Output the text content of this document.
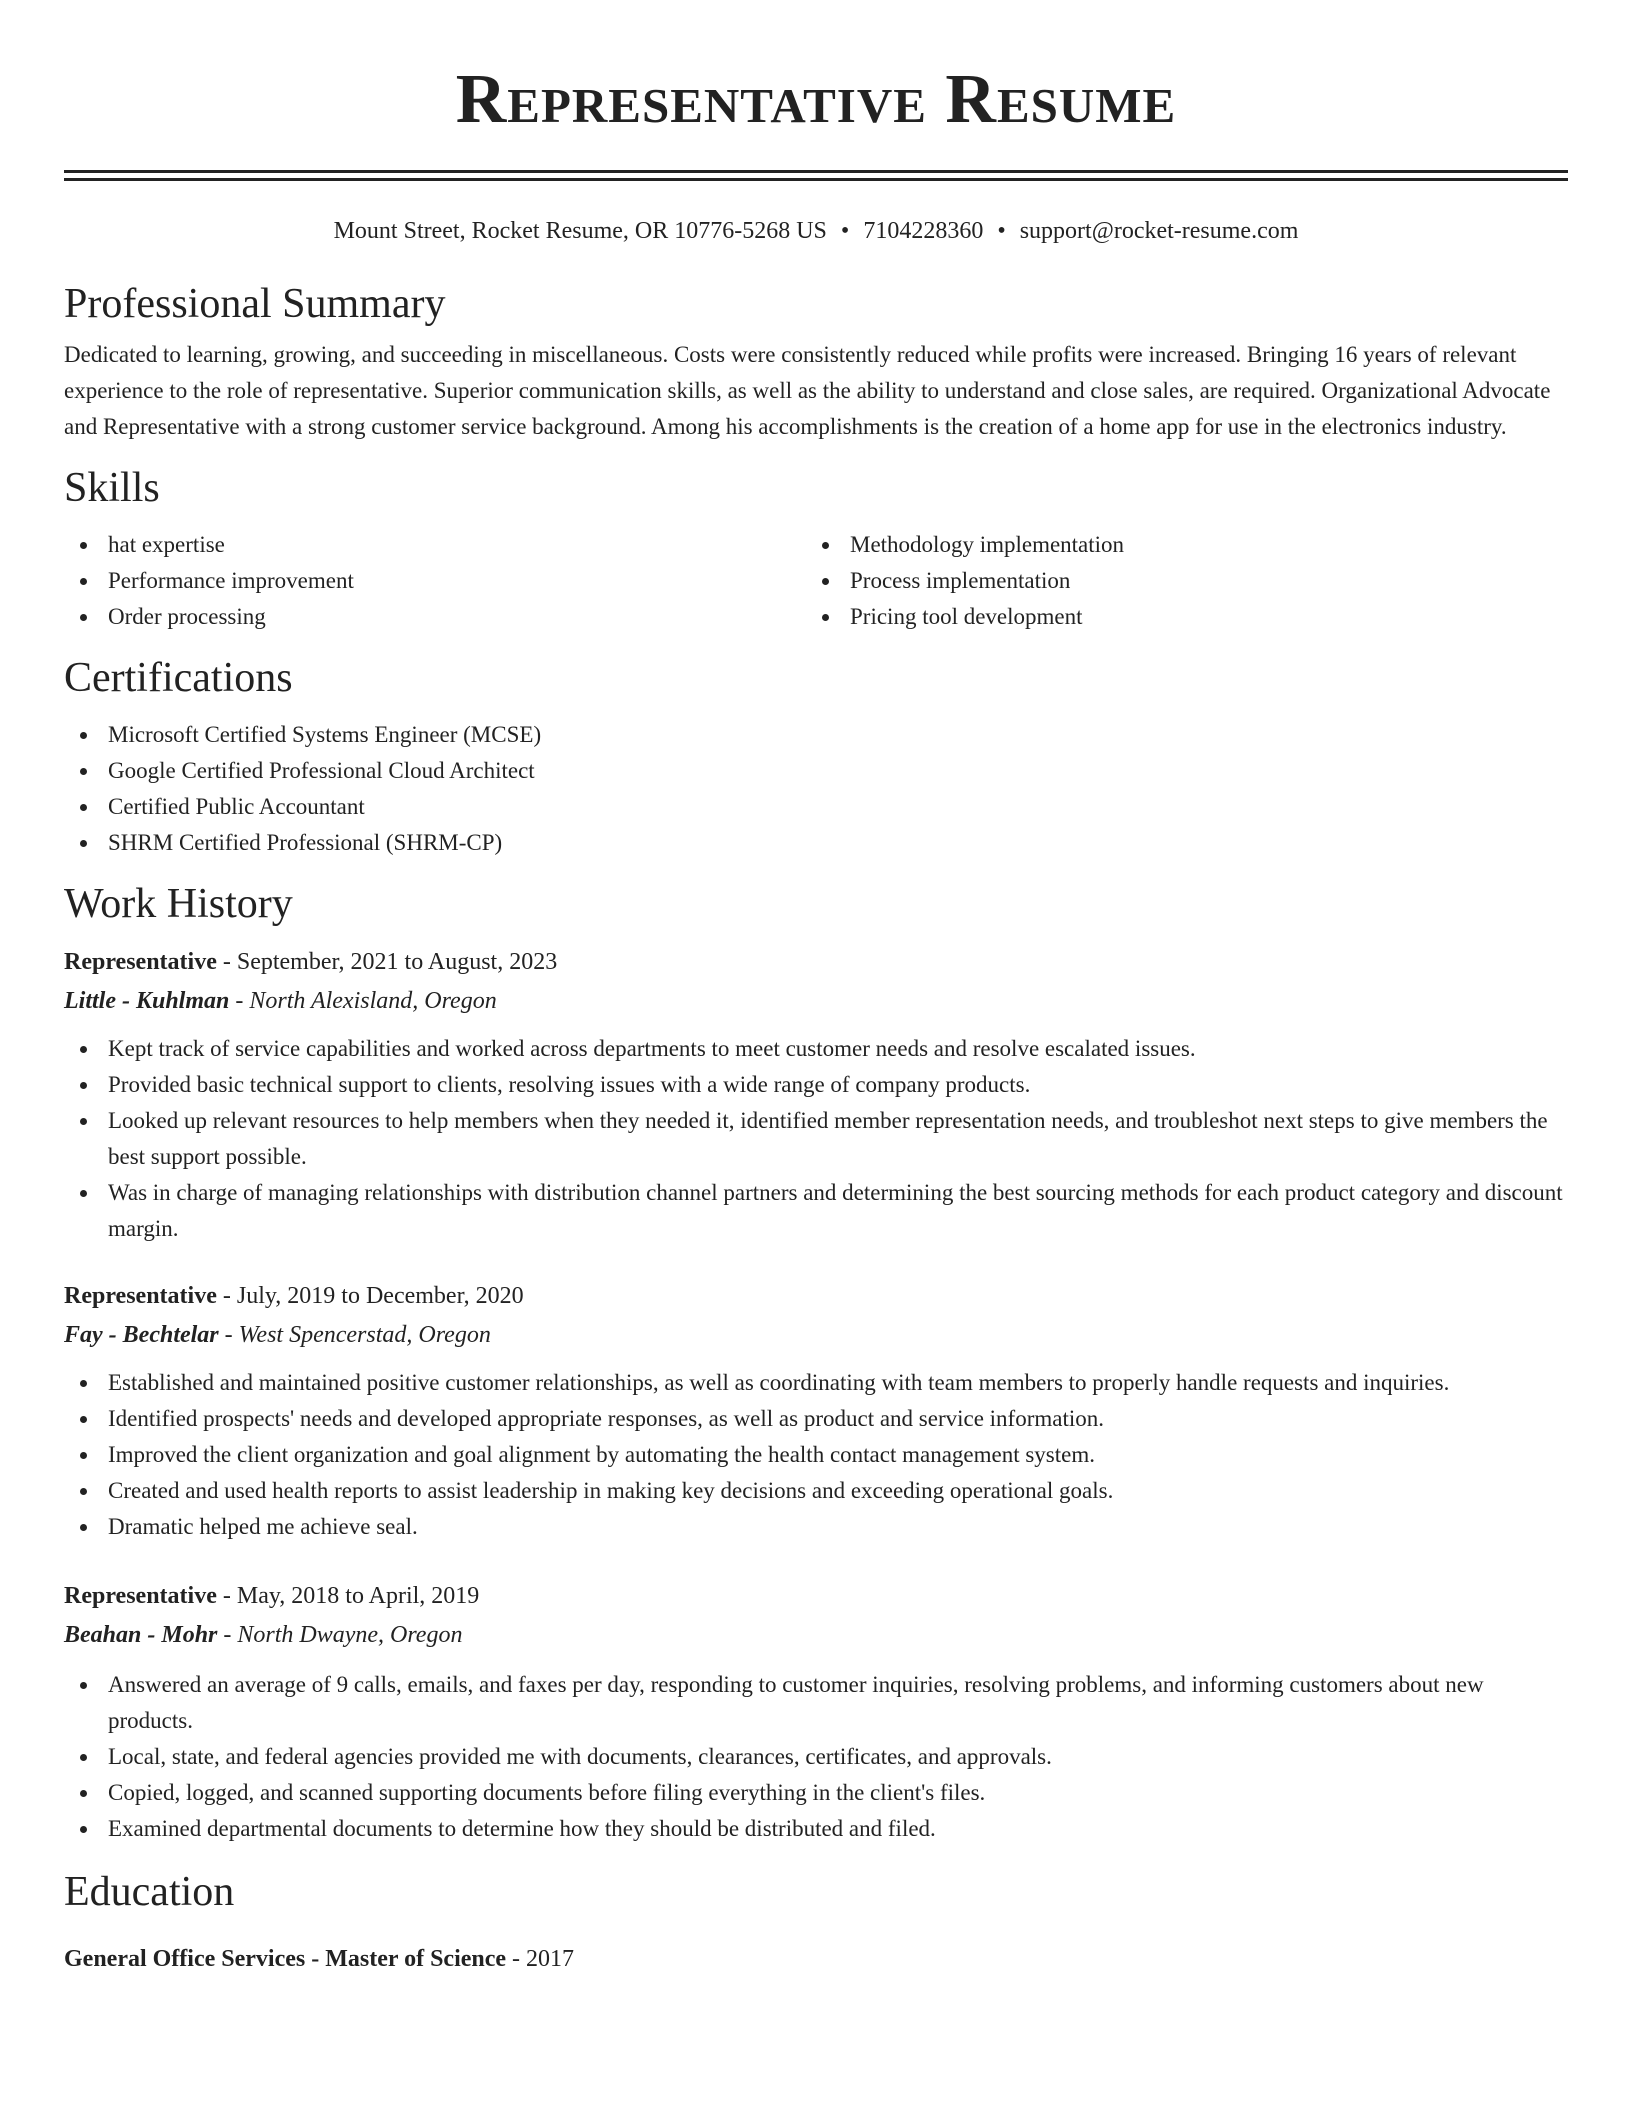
Representative Resume
Mount Street, Rocket Resume, OR 10776-5268 US • 7104228360 • support@rocket-resume.com
Professional Summary
Dedicated to learning, growing, and succeeding in miscellaneous. Costs were consistently reduced while profits were increased. Bringing 16 years of relevant experience to the role of representative. Superior communication skills, as well as the ability to understand and close sales, are required. Organizational Advocate and Representative with a strong customer service background. Among his accomplishments is the creation of a home app for use in the electronics industry.
Skills
hat expertise
Performance improvement
Order processing
Methodology implementation
Process implementation
Pricing tool development
Certifications
Microsoft Certified Systems Engineer (MCSE)
Google Certified Professional Cloud Architect
Certified Public Accountant
SHRM Certified Professional (SHRM-CP)
Work History
Representative - September, 2021 to August, 2023
Little - Kuhlman - North Alexisland, Oregon
Kept track of service capabilities and worked across departments to meet customer needs and resolve escalated issues.
Provided basic technical support to clients, resolving issues with a wide range of company products.
Looked up relevant resources to help members when they needed it, identified member representation needs, and troubleshot next steps to give members the best support possible.
Was in charge of managing relationships with distribution channel partners and determining the best sourcing methods for each product category and discount margin.
Representative - July, 2019 to December, 2020
Fay - Bechtelar - West Spencerstad, Oregon
Established and maintained positive customer relationships, as well as coordinating with team members to properly handle requests and inquiries.
Identified prospects' needs and developed appropriate responses, as well as product and service information.
Improved the client organization and goal alignment by automating the health contact management system.
Created and used health reports to assist leadership in making key decisions and exceeding operational goals.
Dramatic helped me achieve seal.
Representative - May, 2018 to April, 2019
Beahan - Mohr - North Dwayne, Oregon
Answered an average of 9 calls, emails, and faxes per day, responding to customer inquiries, resolving problems, and informing customers about new products.
Local, state, and federal agencies provided me with documents, clearances, certificates, and approvals.
Copied, logged, and scanned supporting documents before filing everything in the client's files.
Examined departmental documents to determine how they should be distributed and filed.
Education
General Office Services - Master of Science - 2017
